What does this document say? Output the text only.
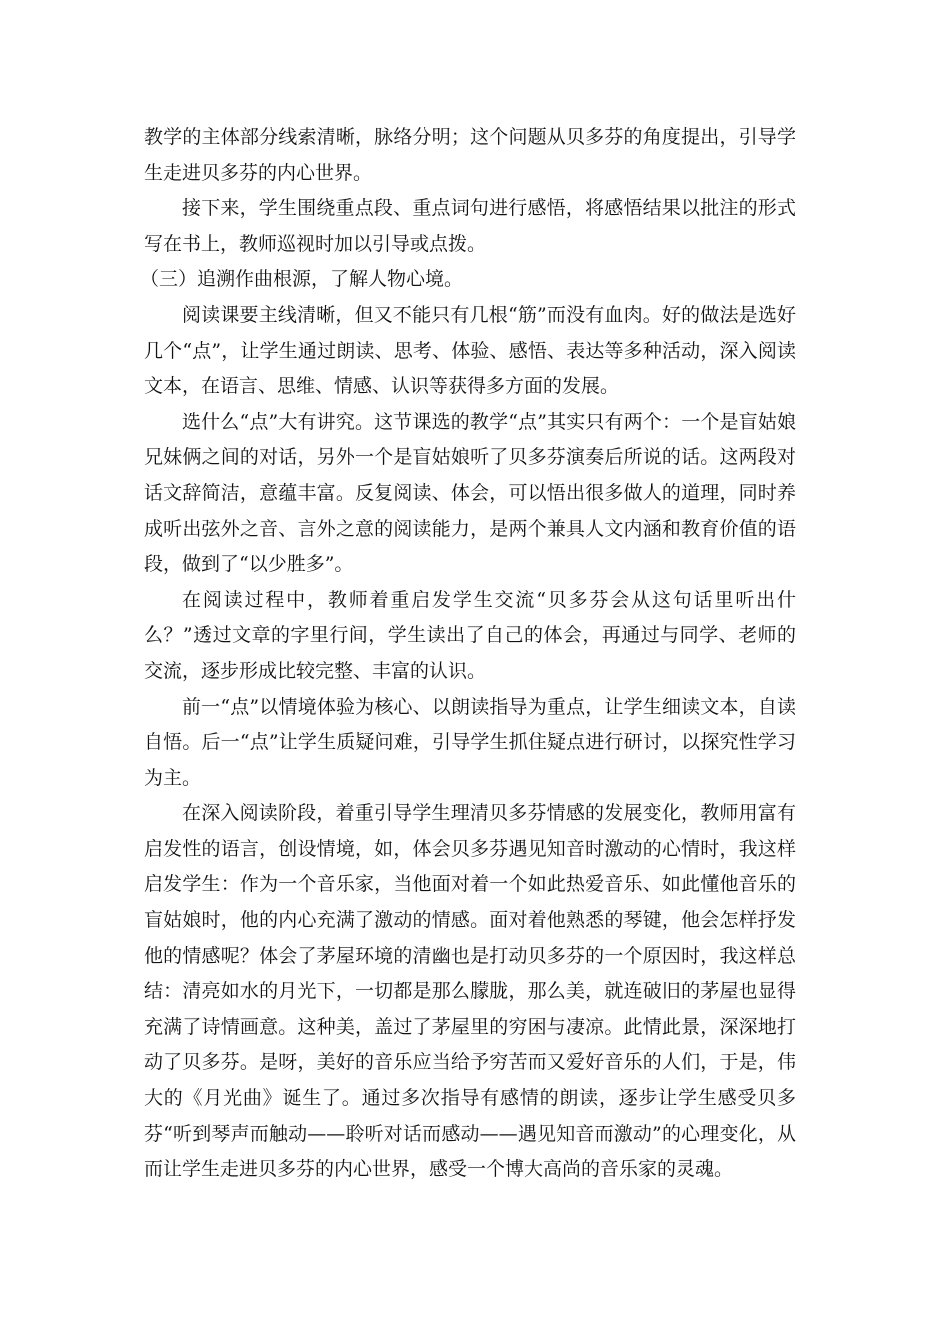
教学的主体部分线索清晰，脉络分明；这个问题从贝多芬的角度提出，引导学生走进贝多芬的内心世界。

接下来，学生围绕重点段、重点词句进行感悟，将感悟结果以批注的形式写在书上，教师巡视时加以引导或点拨。

（三）追溯作曲根源，了解人物心境。

阅读课要主线清晰，但又不能只有几根“筋”而没有血肉。好的做法是选好几个“点”，让学生通过朗读、思考、体验、感悟、表达等多种活动，深入阅读文本，在语言、思维、情感、认识等获得多方面的发展。

选什么“点”大有讲究。这节课选的教学“点”其实只有两个：一个是盲姑娘兄妹俩之间的对话，另外一个是盲姑娘听了贝多芬演奏后所说的话。这两段对话文辞简洁，意蕴丰富。反复阅读、体会，可以悟出很多做人的道理，同时养成听出弦外之音、言外之意的阅读能力，是两个兼具人文内涵和教育价值的语段，做到了“以少胜多”。

在阅读过程中，教师着重启发学生交流“贝多芬会从这句话里听出什么？”透过文章的字里行间，学生读出了自己的体会，再通过与同学、老师的交流，逐步形成比较完整、丰富的认识。

前一“点”以情境体验为核心、以朗读指导为重点，让学生细读文本，自读自悟。后一“点”让学生质疑问难，引导学生抓住疑点进行研讨，以探究性学习为主。

在深入阅读阶段，着重引导学生理清贝多芬情感的发展变化，教师用富有启发性的语言，创设情境，如，体会贝多芬遇见知音时激动的心情时，我这样启发学生：作为一个音乐家，当他面对着一个如此热爱音乐、如此懂他音乐的盲姑娘时，他的内心充满了激动的情感。面对着他熟悉的琴键，他会怎样抒发他的情感呢？体会了茅屋环境的清幽也是打动贝多芬的一个原因时，我这样总结：清亮如水的月光下，一切都是那么朦胧，那么美，就连破旧的茅屋也显得充满了诗情画意。这种美，盖过了茅屋里的穷困与凄凉。此情此景，深深地打动了贝多芬。是呀，美好的音乐应当给予穷苦而又爱好音乐的人们，于是，伟大的《月光曲》诞生了。通过多次指导有感情的朗读，逐步让学生感受贝多芬“听到琴声而触动——聆听对话而感动——遇见知音而激动”的心理变化，从而让学生走进贝多芬的内心世界，感受一个博大高尚的音乐家的灵魂。
